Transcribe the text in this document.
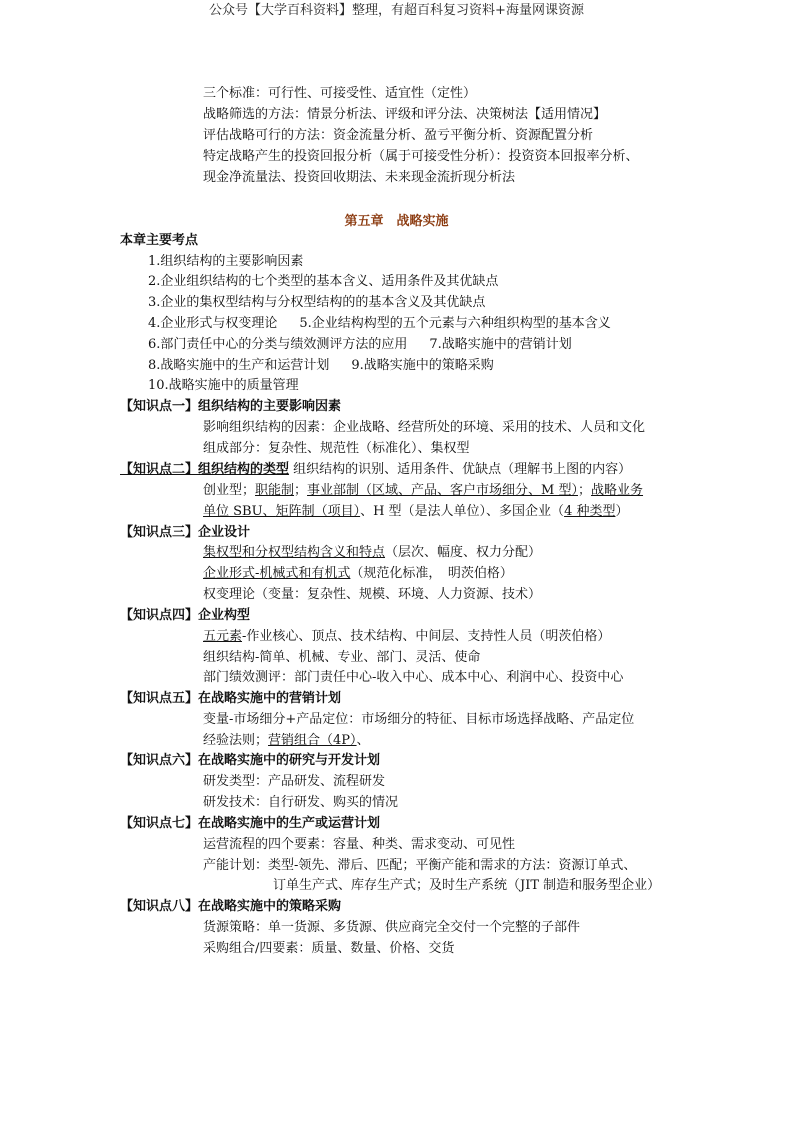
公众号【大学百科资料】整理，有超百科复习资料+海量网课资源
三个标准：可行性、可接受性、适宜性（定性）
战略筛选的方法：情景分析法、评级和评分法、决策树法【适用情况】
评估战略可行的方法：资金流量分析、盈亏平衡分析、资源配置分析
特定战略产生的投资回报分析（属于可接受性分析）：投资资本回报率分析、
现金净流量法、投资回收期法、未来现金流折现分析法
第五章　战略实施
本章主要考点
1.组织结构的主要影响因素
2.企业组织结构的七个类型的基本含义、适用条件及其优缺点
3.企业的集权型结构与分权型结构的的基本含义及其优缺点
4.企业形式与权变理论 5.企业结构构型的五个元素与六种组织构型的基本含义
6.部门责任中心的分类与绩效测评方法的应用 7.战略实施中的营销计划
8.战略实施中的生产和运营计划 9.战略实施中的策略采购
10.战略实施中的质量管理
【知识点一】组织结构的主要影响因素
影响组织结构的因素：企业战略、经营所处的环境、采用的技术、人员和文化
组成部分：复杂性、规范性（标准化）、集权型
【知识点二】组织结构的类型 组织结构的识别、适用条件、优缺点（理解书上图的内容）
创业型；职能制；事业部制（区域、产品、客户市场细分、M 型）；战略业务
单位 SBU、矩阵制（项目）、H 型（是法人单位）、多国企业（4 种类型）
【知识点三】企业设计
集权型和分权型结构含义和特点（层次、幅度、权力分配）
企业形式-机械式和有机式（规范化标准，　明茨伯格）
权变理论（变量：复杂性、规模、环境、人力资源、技术）
【知识点四】企业构型
五元素-作业核心、顶点、技术结构、中间层、支持性人员（明茨伯格）
组织结构-简单、机械、专业、部门、灵活、使命
部门绩效测评：部门责任中心-收入中心、成本中心、利润中心、投资中心
【知识点五】在战略实施中的营销计划
变量-市场细分+产品定位：市场细分的特征、目标市场选择战略、产品定位
经验法则；营销组合（4P）、
【知识点六】在战略实施中的研究与开发计划
研发类型：产品研发、流程研发
研发技术：自行研发、购买的情况
【知识点七】在战略实施中的生产或运营计划
运营流程的四个要素：容量、种类、需求变动、可见性
产能计划：类型-领先、滞后、匹配；平衡产能和需求的方法：资源订单式、
订单生产式、库存生产式；及时生产系统（JIT 制造和服务型企业）
【知识点八】在战略实施中的策略采购
货源策略：单一货源、多货源、供应商完全交付一个完整的子部件
采购组合/四要素：质量、数量、价格、交货
